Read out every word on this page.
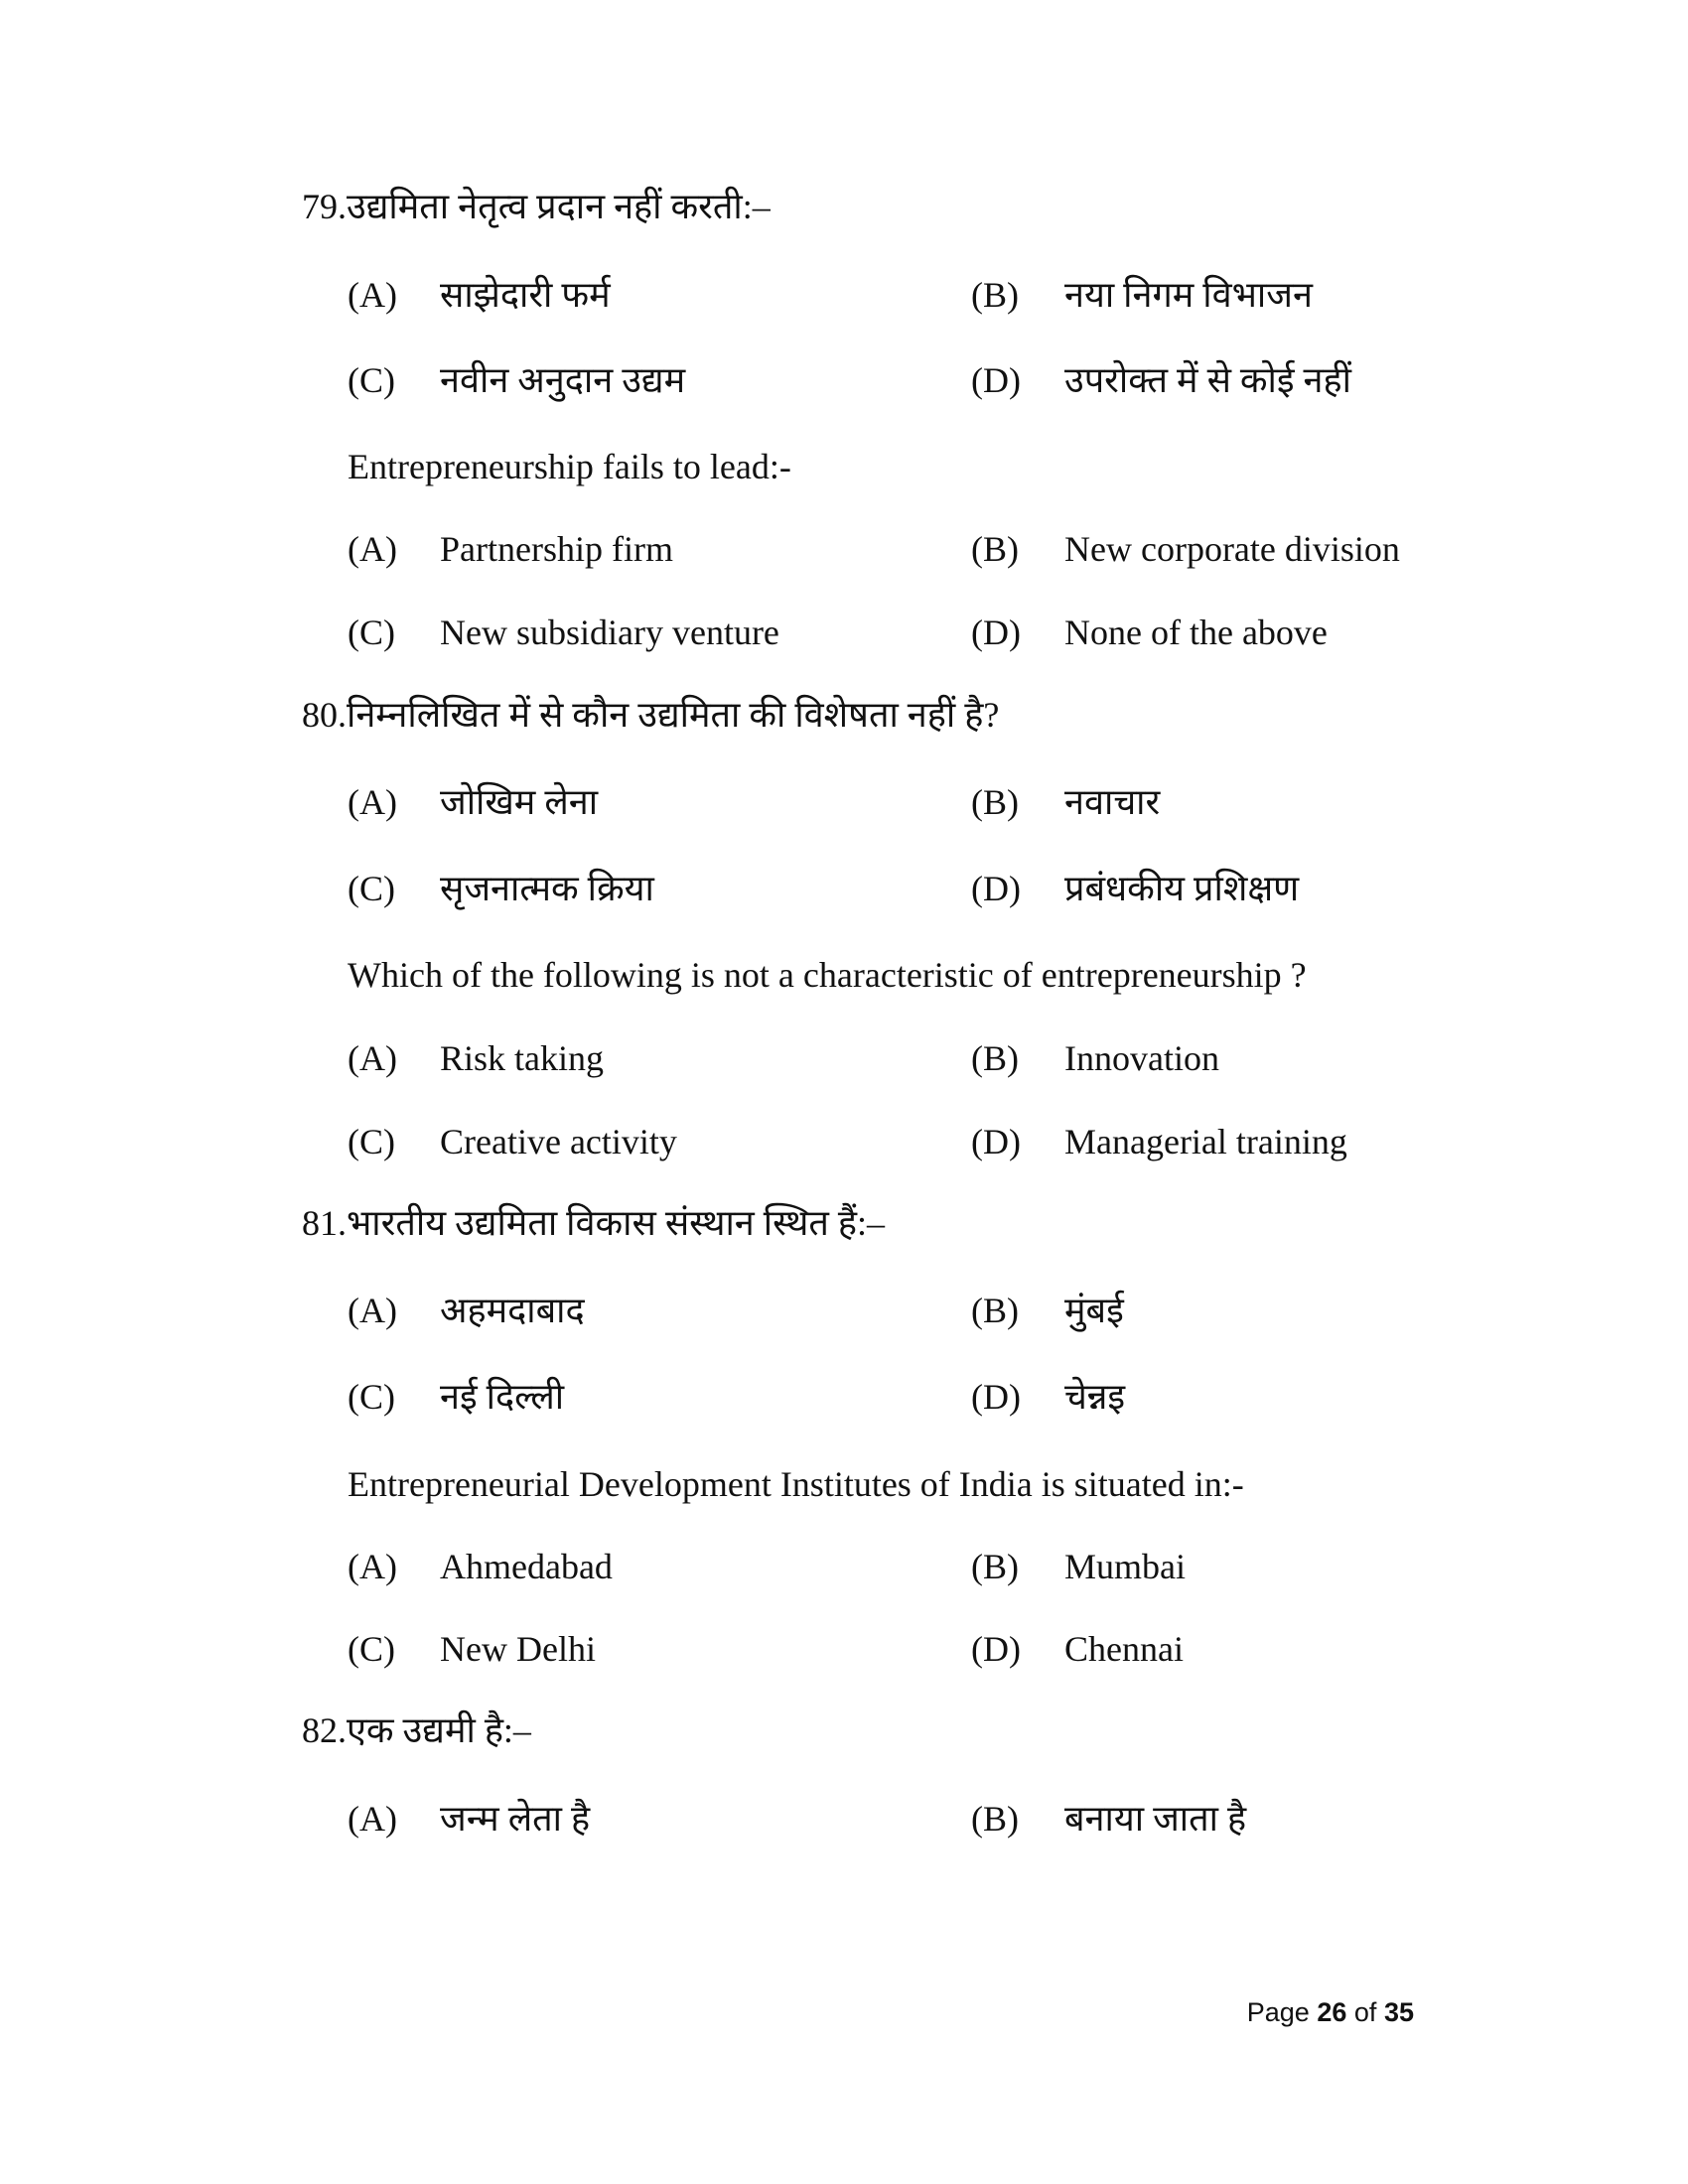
79.उद्यमिता नेतृत्व प्रदान नहीं करती:–
(A) साझेदारी फर्म	(B) नया निगम विभाजन
(C) नवीन अनुदान उद्यम	(D) उपरोक्त में से कोई नहीं
Entrepreneurship fails to lead:-
(A) Partnership firm	(B) New corporate division
(C) New subsidiary venture	(D) None of the above
80.निम्नलिखित में से कौन उद्यमिता की विशेषता नहीं है?
(A) जोखिम लेना	(B) नवाचार
(C) सृजनात्मक क्रिया	(D) प्रबंधकीय प्रशिक्षण
Which of the following is not a characteristic of entrepreneurship ?
(A) Risk taking	(B) Innovation
(C) Creative activity	(D) Managerial training
81.भारतीय उद्यमिता विकास संस्थान स्थित हैं:–
(A) अहमदाबाद	(B) मुंबई
(C) नई दिल्ली	(D) चेन्नइ
Entrepreneurial Development Institutes of India is situated in:-
(A) Ahmedabad	(B) Mumbai
(C) New Delhi	(D) Chennai
82.एक उद्यमी है:–
(A) जन्म लेता है	(B) बनाया जाता है
Page 26 of 35
